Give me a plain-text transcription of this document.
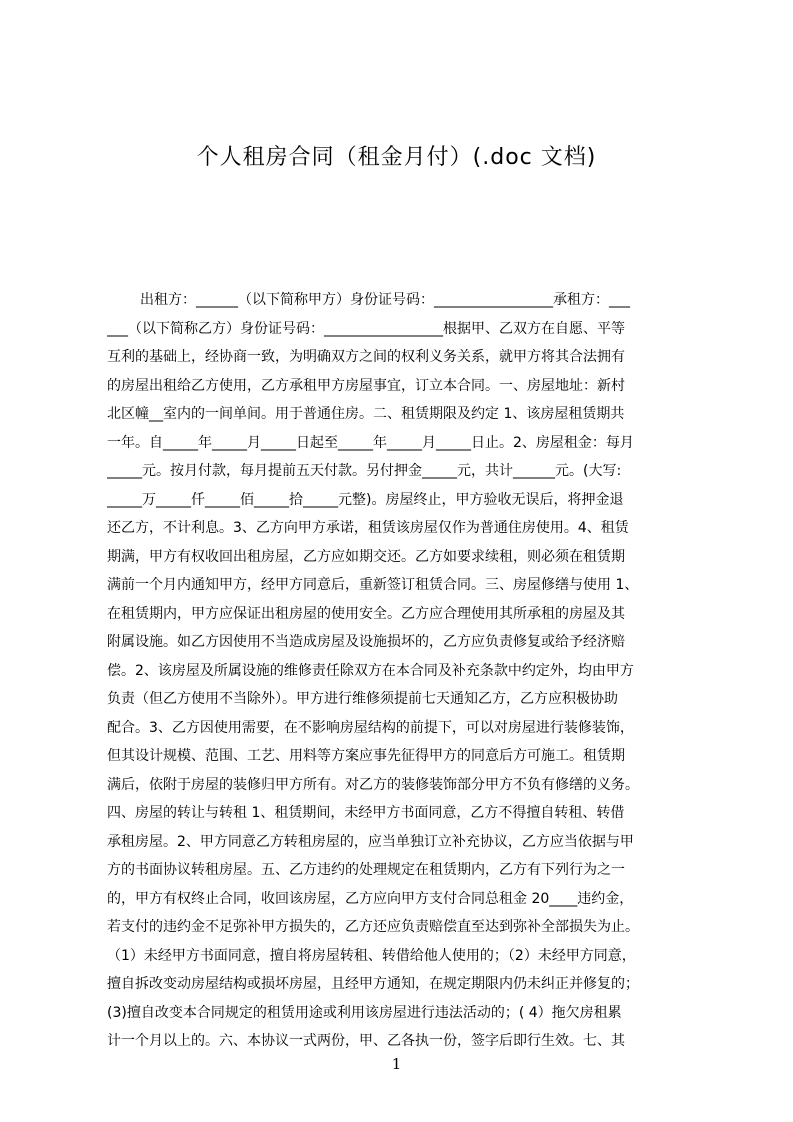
个人租房合同（租金月付）(.doc 文档)
出租方：______（以下简称甲方）身份证号码：_________________承租方：___
___（以下简称乙方）身份证号码：_________________根据甲、乙双方在自愿、平等
互利的基础上，经协商一致，为明确双方之间的权利义务关系，就甲方将其合法拥有
的房屋出租给乙方使用，乙方承租甲方房屋事宜，订立本合同。一、房屋地址：新村
北区幢__室内的一间单间。用于普通住房。二、租赁期限及约定 1、该房屋租赁期共
一年。自_____年_____月_____日起至_____年_____月_____日止。2、房屋租金：每月
_____元。按月付款，每月提前五天付款。另付押金_____元，共计______元。(大写:
_____万_____仟_____佰_____拾_____元整)。房屋终止，甲方验收无误后，将押金退
还乙方，不计利息。3、乙方向甲方承诺，租赁该房屋仅作为普通住房使用。4、租赁
期满，甲方有权收回出租房屋，乙方应如期交还。乙方如要求续租，则必须在租赁期
满前一个月内通知甲方，经甲方同意后，重新签订租赁合同。三、房屋修缮与使用 1、
在租赁期内，甲方应保证出租房屋的使用安全。乙方应合理使用其所承租的房屋及其
附属设施。如乙方因使用不当造成房屋及设施损坏的，乙方应负责修复或给予经济赔
偿。2、该房屋及所属设施的维修责任除双方在本合同及补充条款中约定外，均由甲方
负责（但乙方使用不当除外）。甲方进行维修须提前七天通知乙方，乙方应积极协助
配合。3、乙方因使用需要，在不影响房屋结构的前提下，可以对房屋进行装修装饰，
但其设计规模、范围、工艺、用料等方案应事先征得甲方的同意后方可施工。租赁期
满后，依附于房屋的装修归甲方所有。对乙方的装修装饰部分甲方不负有修缮的义务。
四、房屋的转让与转租 1、租赁期间，未经甲方书面同意，乙方不得擅自转租、转借
承租房屋。2、甲方同意乙方转租房屋的，应当单独订立补充协议，乙方应当依据与甲
方的书面协议转租房屋。五、乙方违约的处理规定在租赁期内，乙方有下列行为之一
的，甲方有权终止合同，收回该房屋，乙方应向甲方支付合同总租金 20____违约金，
若支付的违约金不足弥补甲方损失的，乙方还应负责赔偿直至达到弥补全部损失为止。
（1）未经甲方书面同意，擅自将房屋转租、转借给他人使用的；（2）未经甲方同意，
擅自拆改变动房屋结构或损坏房屋，且经甲方通知，在规定期限内仍未纠正并修复的；
(3)擅自改变本合同规定的租赁用途或利用该房屋进行违法活动的；( 4）拖欠房租累
计一个月以上的。六、本协议一式两份，甲、乙各执一份，签字后即行生效。七、其
1
